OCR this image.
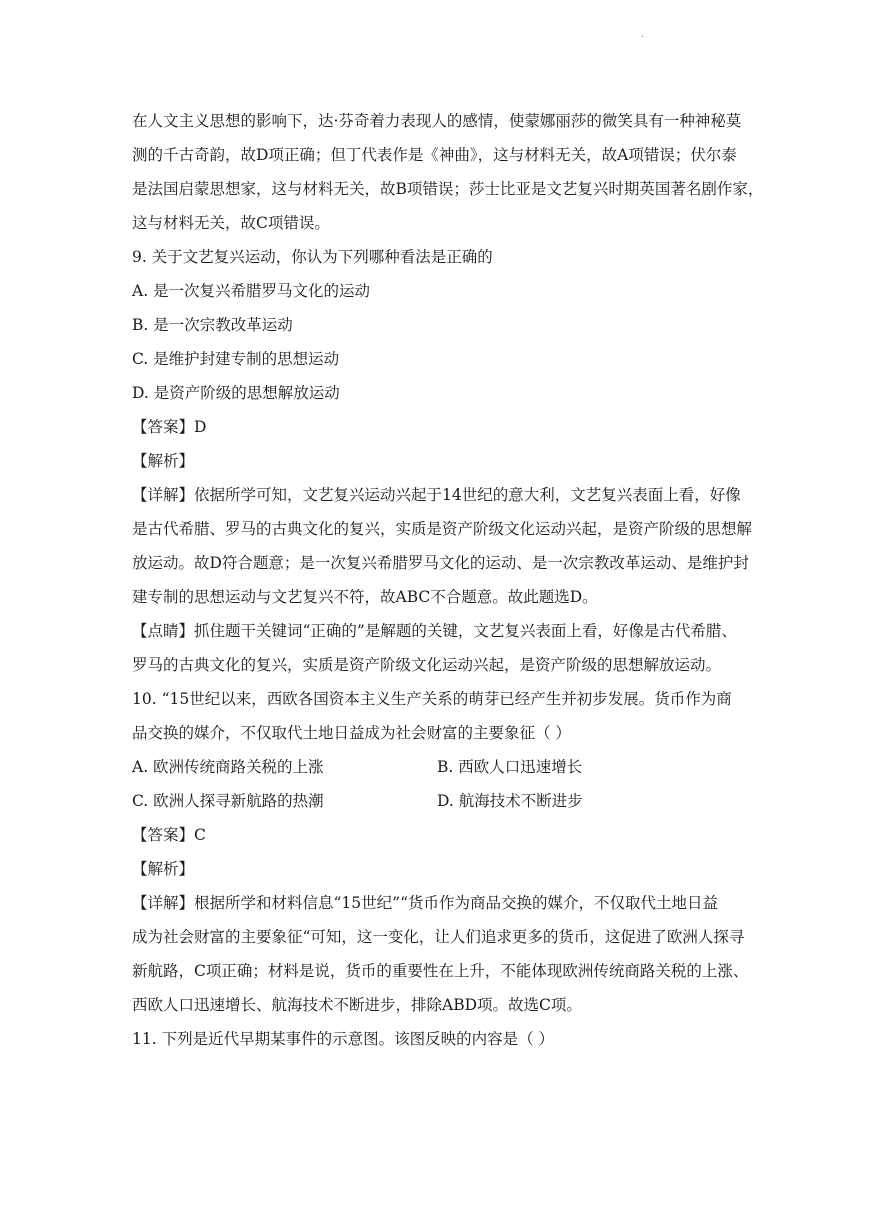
·

在人文主义思想的影响下，达·芬奇着力表现人的感情，使蒙娜丽莎的微笑具有一种神秘莫

测的千古奇韵，故D项正确；但丁代表作是《神曲》，这与材料无关，故A项错误；伏尔泰

是法国启蒙思想家，这与材料无关，故B项错误；莎士比亚是文艺复兴时期英国著名剧作家，

这与材料无关，故C项错误。

9. 关于文艺复兴运动，你认为下列哪种看法是正确的

A. 是一次复兴希腊罗马文化的运动

B. 是一次宗教改革运动

C. 是维护封建专制的思想运动

D. 是资产阶级的思想解放运动

【答案】D

【解析】

【详解】依据所学可知，文艺复兴运动兴起于14世纪的意大利，文艺复兴表面上看，好像

是古代希腊、罗马的古典文化的复兴，实质是资产阶级文化运动兴起，是资产阶级的思想解

放运动。故D符合题意；是一次复兴希腊罗马文化的运动、是一次宗教改革运动、是维护封

建专制的思想运动与文艺复兴不符，故ABC不合题意。故此题选D。

【点睛】抓住题干关键词“正确的”是解题的关键，文艺复兴表面上看，好像是古代希腊、

罗马的古典文化的复兴，实质是资产阶级文化运动兴起，是资产阶级的思想解放运动。

10. “15世纪以来，西欧各国资本主义生产关系的萌芽已经产生并初步发展。货币作为商

品交换的媒介，不仅取代土地日益成为社会财富的主要象征（ ）

A. 欧洲传统商路关税的上涨	B. 西欧人口迅速增长
C. 欧洲人探寻新航路的热潮	D. 航海技术不断进步

【答案】C

【解析】

【详解】根据所学和材料信息“15世纪”“货币作为商品交换的媒介，不仅取代土地日益

成为社会财富的主要象征“可知，这一变化，让人们追求更多的货币，这促进了欧洲人探寻

新航路，C项正确；材料是说，货币的重要性在上升，不能体现欧洲传统商路关税的上涨、

西欧人口迅速增长、航海技术不断进步，排除ABD项。故选C项。

11. 下列是近代早期某事件的示意图。该图反映的内容是（ ）
